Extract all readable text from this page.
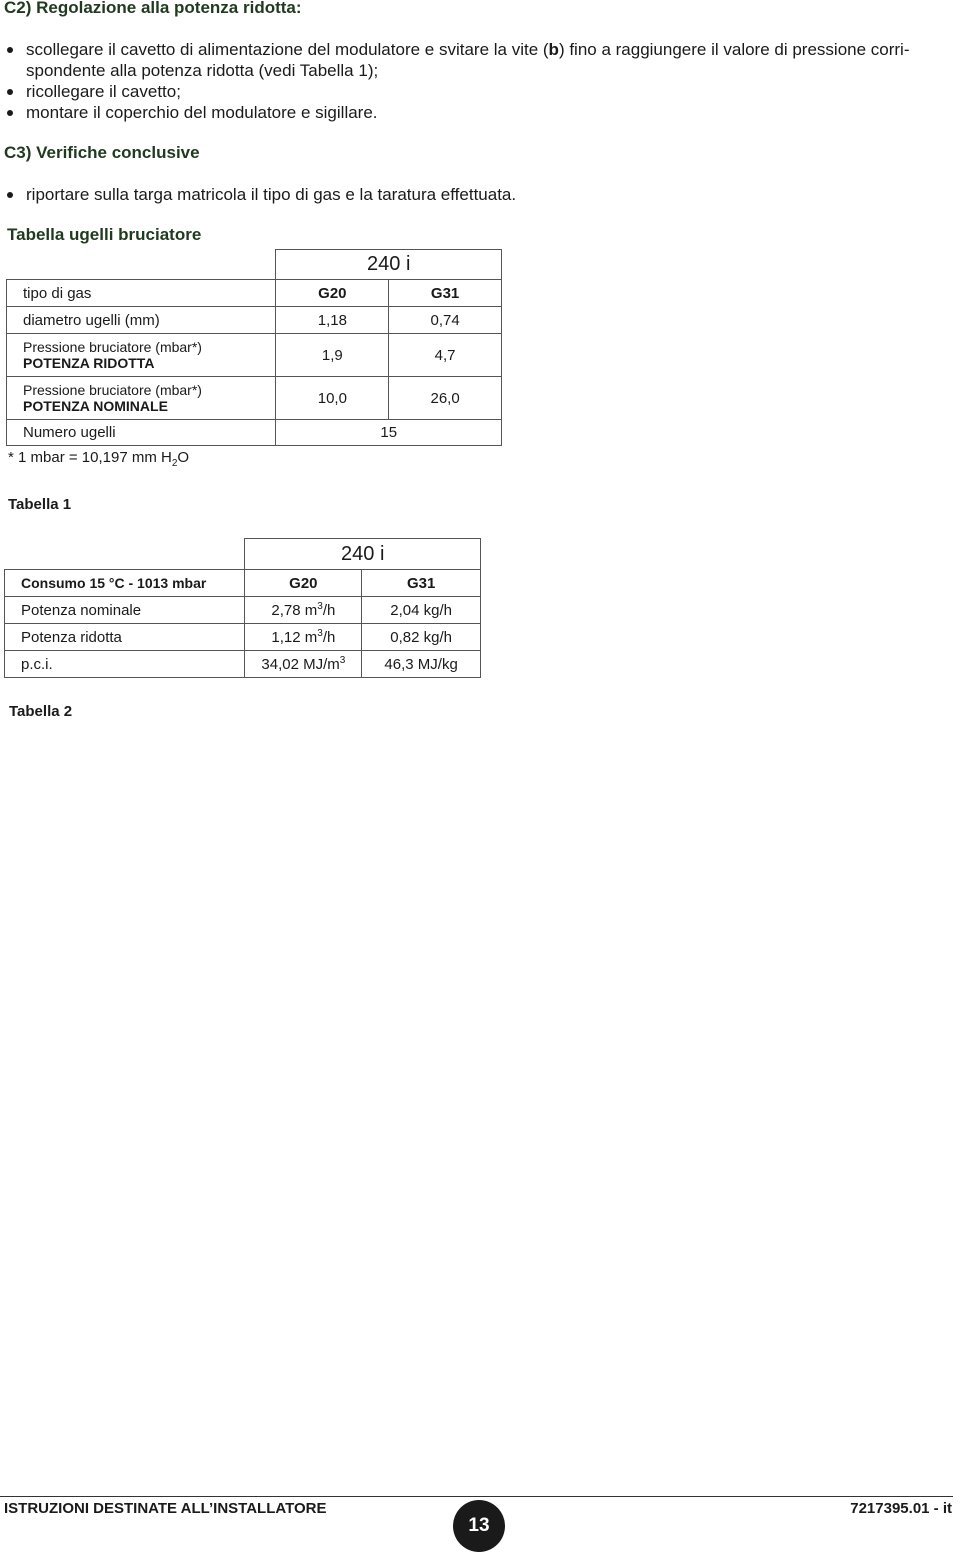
C2) Regolazione alla potenza ridotta:
scollegare il cavetto di alimentazione del modulatore e svitare la vite (b) fino a raggiungere il valore di pressione corri-spondente alla potenza ridotta (vedi Tabella 1);
ricollegare il cavetto;
montare il coperchio del modulatore e sigillare.
C3) Verifiche conclusive
riportare sulla targa matricola il tipo di gas e la taratura effettuata.
Tabella ugelli bruciatore
	240 i	
tipo di gas	G20	G31
diametro ugelli (mm)	1,18	0,74

Pressione bruciatore (mbar*)
POTENZA RIDOTTA	1,9	4,7

Pressione bruciatore (mbar*)
POTENZA NOMINALE	10,0	26,0
Numero ugelli	15	
* 1 mbar = 10,197 mm $H_2O$
Tabella 1
	240 i	
Consumo 15 °C - 1013 mbar	G20	G31
Potenza nominale	2,78 $m^3/h$	2,04 kg/h
Potenza ridotta	1,12 $m^3/h$	0,82 kg/h
p.c.i.	34,02 $MJ/m^3$	46,3 MJ/kg
Tabella 2
ISTRUZIONI DESTINATE ALL’INSTALLATORE
13
7217395.01 - it
